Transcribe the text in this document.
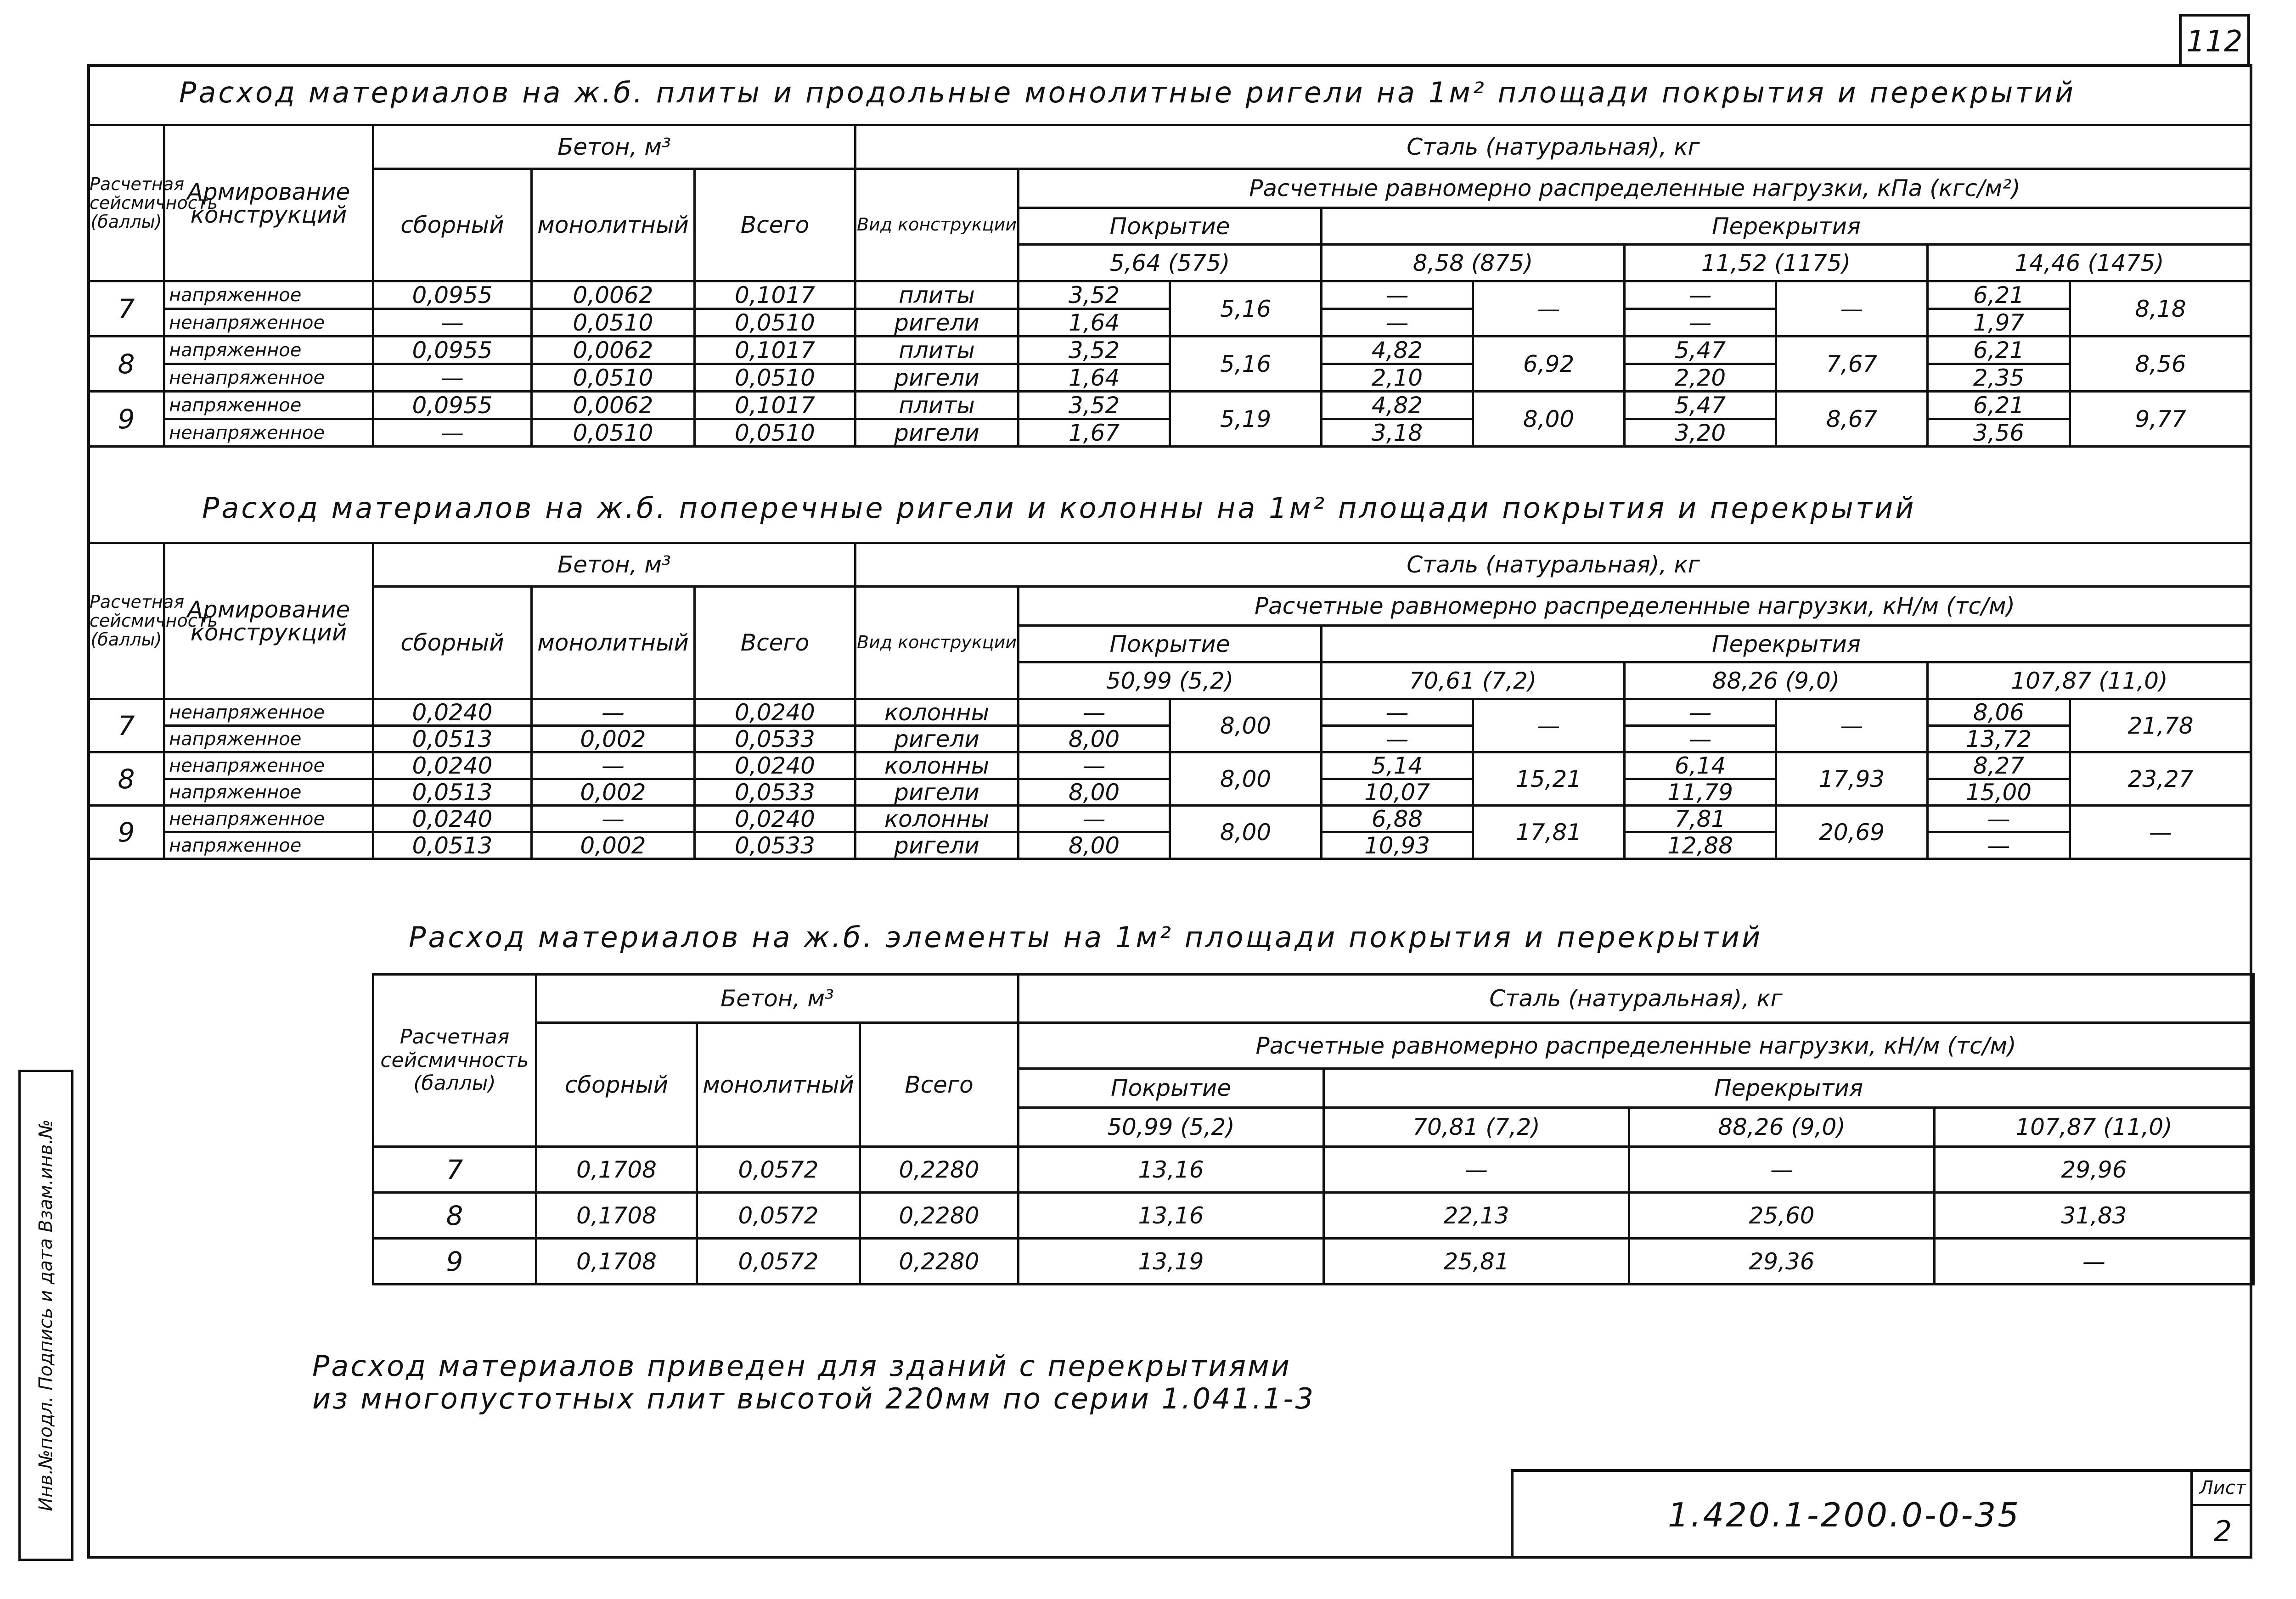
112
Инв.№подл. Подпись и дата Взам.инв.№
Расход материалов на ж.б. плиты и продольные монолитные ригели на 1м² площади покрытия и перекрытий
Расчетная сейсмичность (баллы)	Армирование конструкций	Бетон, м³			Сталь (натуральная), кг								
		сборный	монолитный	Всего	Вид конструкции	Расчетные равномерно распределенные нагрузки, кПа (кгс/м²)							
						Покрытие		Перекрытия					
						5,64 (575)		8,58 (875)		11,52 (1175)		14,46 (1475)	
7	напряженное	0,0955	0,0062	0,1017	плиты	3,52	5,16	—	—	—	—	6,21	8,18
	ненапряженное	—	0,0510	0,0510	ригели	1,64		—		—		1,97	
8	напряженное	0,0955	0,0062	0,1017	плиты	3,52	5,16	4,82	6,92	5,47	7,67	6,21	8,56
	ненапряженное	—	0,0510	0,0510	ригели	1,64		2,10		2,20		2,35	
9	напряженное	0,0955	0,0062	0,1017	плиты	3,52	5,19	4,82	8,00	5,47	8,67	6,21	9,77
	ненапряженное	—	0,0510	0,0510	ригели	1,67		3,18		3,20		3,56	
Расход материалов на ж.б. поперечные ригели и колонны на 1м² площади покрытия и перекрытий
Расчетная сейсмичность (баллы)	Армирование конструкций	Бетон, м³			Сталь (натуральная), кг								
		сборный	монолитный	Всего	Вид конструкции	Расчетные равномерно распределенные нагрузки, кН/м (тс/м)							
						Покрытие		Перекрытия					
						50,99 (5,2)		70,61 (7,2)		88,26 (9,0)		107,87 (11,0)	
7	ненапряженное	0,0240	—	0,0240	колонны	—	8,00	—	—	—	—	8,06	21,78
	напряженное	0,0513	0,002	0,0533	ригели	8,00		—		—		13,72	
8	ненапряженное	0,0240	—	0,0240	колонны	—	8,00	5,14	15,21	6,14	17,93	8,27	23,27
	напряженное	0,0513	0,002	0,0533	ригели	8,00		10,07		11,79		15,00	
9	ненапряженное	0,0240	—	0,0240	колонны	—	8,00	6,88	17,81	7,81	20,69	—	—
	напряженное	0,0513	0,002	0,0533	ригели	8,00		10,93		12,88		—	
Расход материалов на ж.б. элементы на 1м² площади покрытия и перекрытий
Расчетная сейсмичность (баллы)	Бетон, м³			Сталь (натуральная), кг			
	сборный	монолитный	Всего	Расчетные равномерно распределенные нагрузки, кН/м (тс/м)			
				Покрытие	Перекрытия		
				50,99 (5,2)	70,81 (7,2)	88,26 (9,0)	107,87 (11,0)
7	0,1708	0,0572	0,2280	13,16	—	—	29,96
8	0,1708	0,0572	0,2280	13,16	22,13	25,60	31,83
9	0,1708	0,0572	0,2280	13,19	25,81	29,36	—
Расход материалов приведен для зданий с перекрытиями
из многопустотных плит высотой 220мм по серии 1.041.1-3
1.420.1-200.0-0-35
Лист
2
